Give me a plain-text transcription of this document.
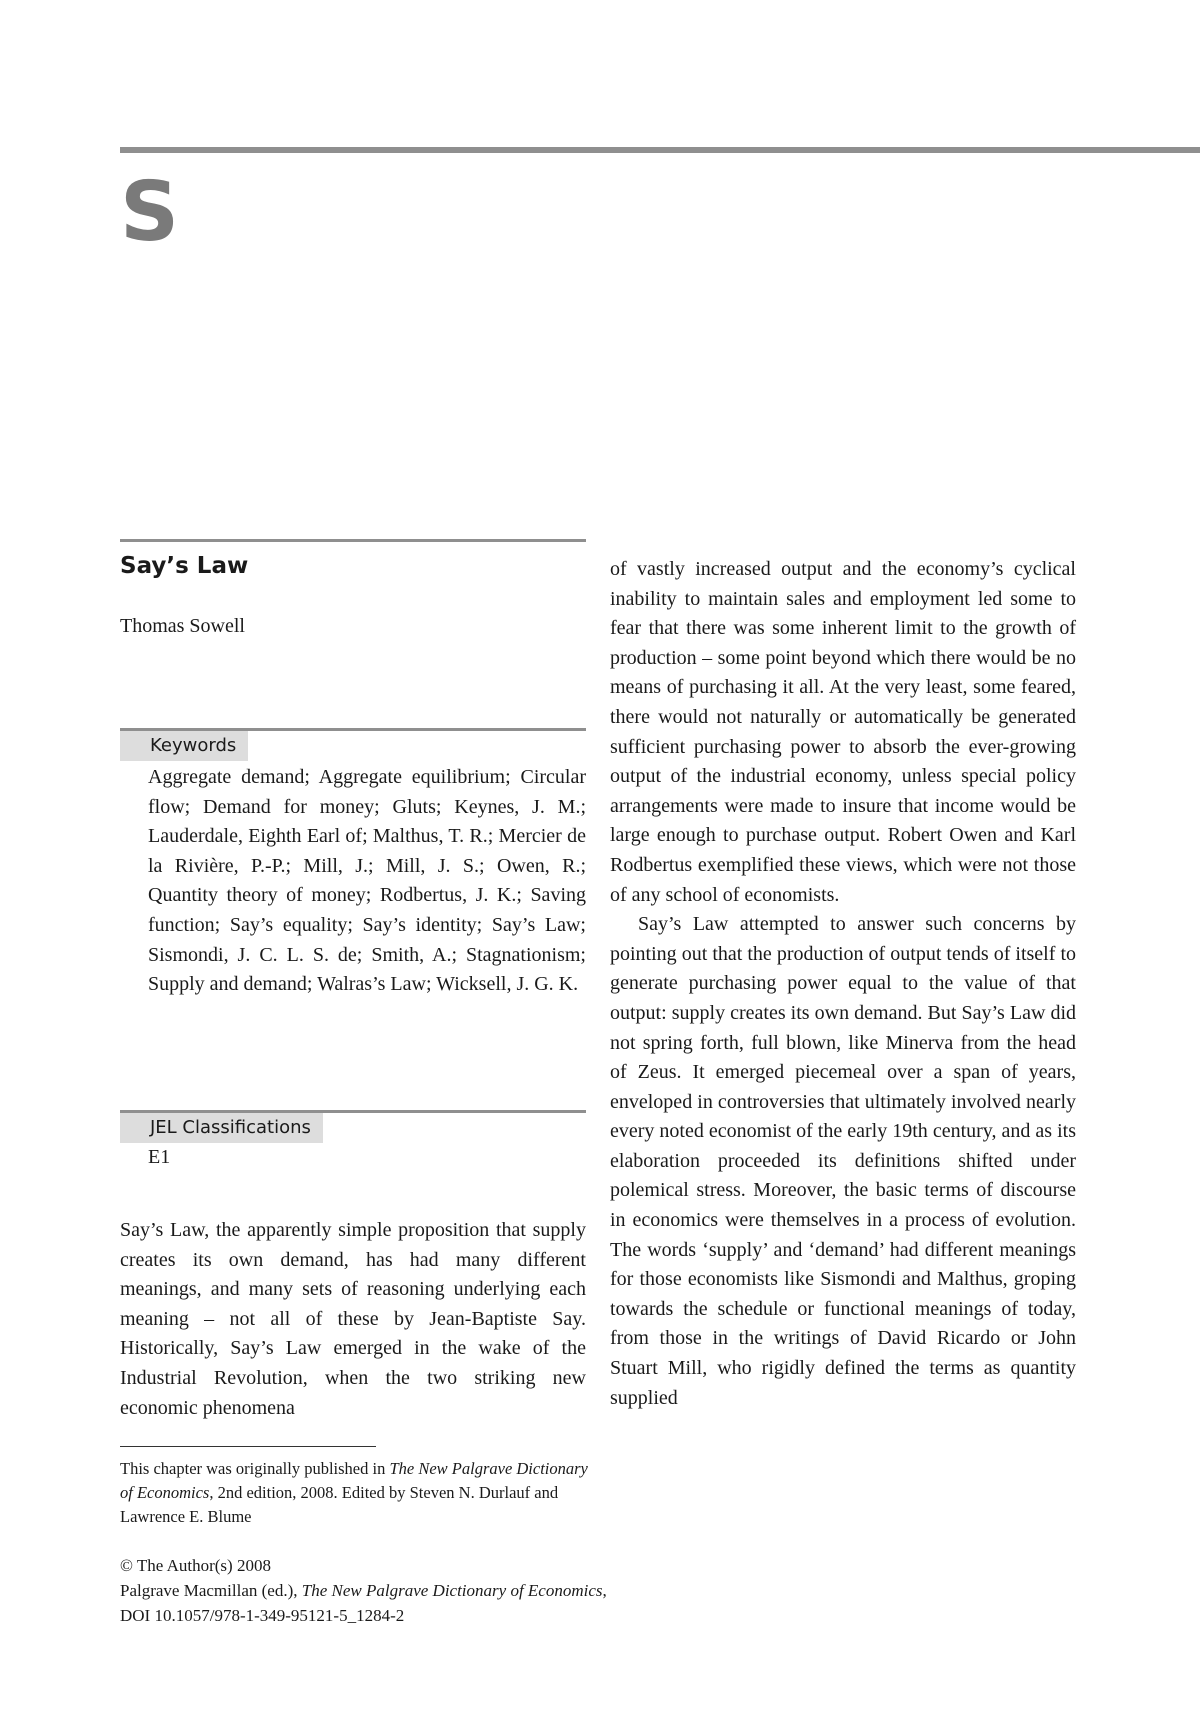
S
Say’s Law
Thomas Sowell
Keywords
Aggregate demand; Aggregate equilibrium; Circular flow; Demand for money; Gluts; Keynes, J. M.; Lauderdale, Eighth Earl of; Malthus, T. R.; Mercier de la Rivière, P.-P.; Mill, J.; Mill, J. S.; Owen, R.; Quantity theory of money; Rodbertus, J. K.; Saving function; Say’s equality; Say’s identity; Say’s Law; Sismondi, J. C. L. S. de; Smith, A.; Stagnationism; Supply and demand; Walras’s Law; Wicksell, J. G. K.
JEL Classifications
E1

Say’s Law, the apparently simple proposition that supply creates its own demand, has had many different meanings, and many sets of reasoning underlying each meaning – not all of these by Jean-Baptiste Say. Historically, Say’s Law emerged in the wake of the Industrial Revolution, when the two striking new economic phenomena

of vastly increased output and the economy’s cyclical inability to maintain sales and employment led some to fear that there was some inherent limit to the growth of production – some point beyond which there would be no means of purchasing it all. At the very least, some feared, there would not naturally or automatically be generated sufficient purchasing power to absorb the ever-growing output of the industrial economy, unless special policy arrangements were made to insure that income would be large enough to purchase output. Robert Owen and Karl Rodbertus exemplified these views, which were not those of any school of economists.

Say’s Law attempted to answer such concerns by pointing out that the production of output tends of itself to generate purchasing power equal to the value of that output: supply creates its own demand. But Say’s Law did not spring forth, full blown, like Minerva from the head of Zeus. It emerged piecemeal over a span of years, enveloped in controversies that ultimately involved nearly every noted economist of the early 19th century, and as its elaboration proceeded its definitions shifted under polemical stress. Moreover, the basic terms of discourse in economics were themselves in a process of evolution. The words ‘supply’ and ‘demand’ had different meanings for those economists like Sismondi and Malthus, groping towards the schedule or functional meanings of today, from those in the writings of David Ricardo or John Stuart Mill, who rigidly defined the terms as quantity supplied

This chapter was originally published in The New Palgrave Dictionary of Economics, 2nd edition, 2008. Edited by Steven N. Durlauf and Lawrence E. Blume
© The Author(s) 2008
Palgrave Macmillan (ed.), The New Palgrave Dictionary of Economics,
DOI 10.1057/978-1-349-95121-5_1284-2
